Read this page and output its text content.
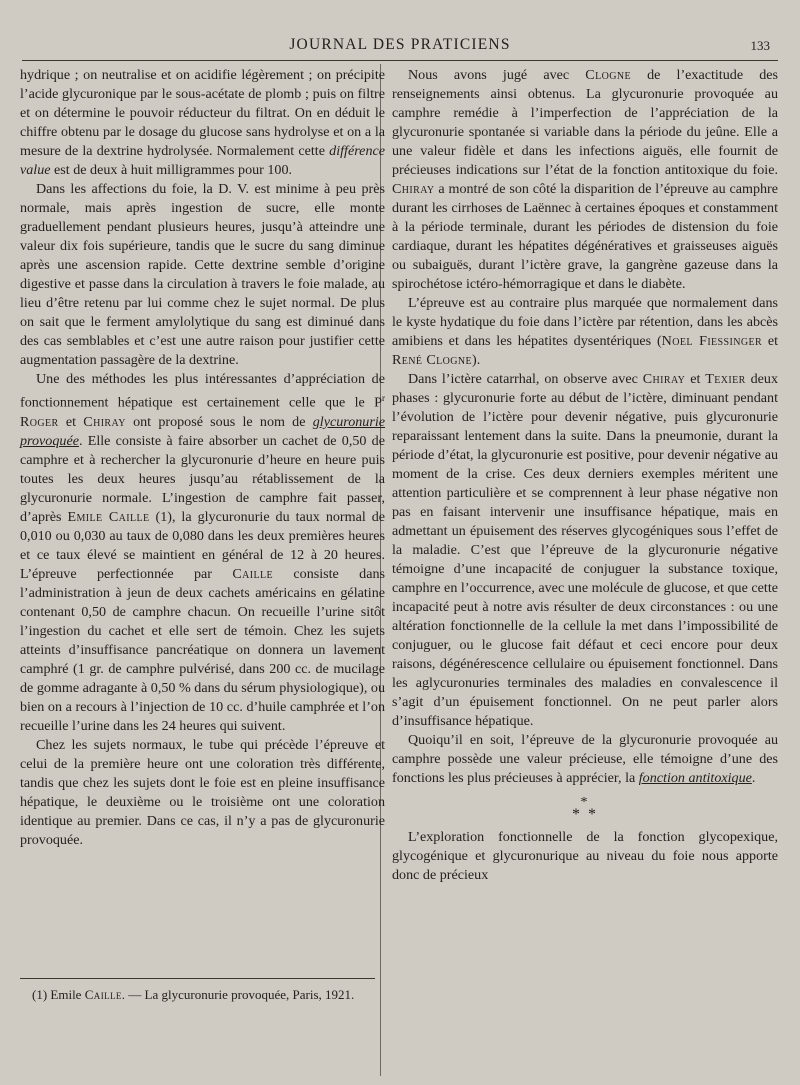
JOURNAL DES PRATICIENS	133

hydrique ; on neutralise et on acidifie légèrement ; on précipite l’acide glycuronique par le sous-acétate de plomb ; puis on filtre et on détermine le pouvoir réducteur du filtrat. On en déduit le chiffre obtenu par le dosage du glucose sans hydrolyse et on a la mesure de la dextrine hydrolysée. Normalement cette différence value est de deux à huit milligrammes pour 100.

Dans les affections du foie, la D. V. est minime à peu près normale, mais après ingestion de sucre, elle monte graduellement pendant plusieurs heures, jusqu’à atteindre une valeur dix fois supérieure, tandis que le sucre du sang diminue après une ascension rapide. Cette dextrine semble d’origine digestive et passe dans la circulation à travers le foie malade, au lieu d’être retenu par lui comme chez le sujet normal. De plus on sait que le ferment amylolytique du sang est diminué dans des cas semblables et c’est une autre raison pour justifier cette augmentation passagère de la dextrine.

Une des méthodes les plus intéressantes d’appréciation de fonctionnement hépatique est certainement celle que le $P^r$ Roger et Chiray ont proposé sous le nom de glycuronurie provoquée. Elle consiste à faire absorber un cachet de 0,50 de camphre et à rechercher la glycuronurie d’heure en heure puis toutes les deux heures jusqu’au rétablissement de la glycuronurie normale. L’ingestion de camphre fait passer, d’après Emile Caille (1), la glycuronurie du taux normal de 0,010 ou 0,030 au taux de 0,080 dans les deux premières heures et ce taux élevé se maintient en général de 12 à 20 heures. L’épreuve perfectionnée par Caille consiste dans l’administration à jeun de deux cachets américains en gélatine contenant 0,50 de camphre chacun. On recueille l’urine sitôt l’ingestion du cachet et elle sert de témoin. Chez les sujets atteints d’insuffisance pancréatique on donnera un lavement camphré (1 gr. de camphre pulvérisé, dans 200 cc. de mucilage de gomme adragante à 0,50 % dans du sérum physiologique), ou bien on a recours à l’injection de 10 cc. d’huile camphrée et l’on recueille l’urine dans les 24 heures qui suivent.

Chez les sujets normaux, le tube qui précède l’épreuve et celui de la première heure ont une coloration très différente, tandis que chez les sujets dont le foie est en pleine insuffisance hépatique, le deuxième ou le troisième ont une coloration identique au premier. Dans ce cas, il n’y a pas de glycuronurie provoquée.

(1) Emile Caille. — La glycuronurie provoquée, Paris, 1921.

Nous avons jugé avec Clogne de l’exactitude des renseignements ainsi obtenus. La glycuronurie provoquée au camphre remédie à l’imperfection de l’appréciation de la glycuronurie spontanée si variable dans la période du jeûne. Elle a une valeur fidèle et dans les infections aiguës, elle fournit de précieuses indications sur l’état de la fonction antitoxique du foie. Chiray a montré de son côté la disparition de l’épreuve au camphre durant les cirrhoses de Laënnec à certaines époques et constamment à la période terminale, durant les périodes de distension du foie cardiaque, durant les hépatites dégénératives et graisseuses aiguës ou subaiguës, durant l’ictère grave, la gangrène gazeuse dans la spirochétose ictéro-hémorragique et dans le diabète.

L’épreuve est au contraire plus marquée que normalement dans le kyste hydatique du foie dans l’ictère par rétention, dans les abcès amibiens et dans les hépatites dysentériques (Noel Fiessinger et René Clogne).

Dans l’ictère catarrhal, on observe avec Chiray et Texier deux phases : glycuronurie forte au début de l’ictère, diminuant pendant l’évolution de l’ictère pour devenir négative, puis glycuronurie reparaissant lentement dans la suite. Dans la pneumonie, durant la période d’état, la glycuronurie est positive, pour devenir négative au moment de la crise. Ces deux derniers exemples méritent une attention particulière et se comprennent à leur phase négative non pas en faisant intervenir une insuffisance hépatique, mais en admettant un épuisement des réserves glycogéniques sous l’effet de la maladie. C’est que l’épreuve de la glycuronurie négative témoigne d’une incapacité de conjuguer la substance toxique, camphre en l’occurrence, avec une molécule de glucose, et que cette incapacité peut à notre avis résulter de deux circonstances : ou une altération fonctionnelle de la cellule la met dans l’impossibilité de conjuguer, ou le glucose fait défaut et ceci encore pour deux raisons, dégénérescence cellulaire ou épuisement fonctionnel. Dans les aglycuronuries terminales des maladies en convalescence il s’agit d’un épuisement fonctionnel. On ne peut parler alors d’insuffisance hépatique.

Quoiqu’il en soit, l’épreuve de la glycuronurie provoquée au camphre possède une valeur précieuse, elle témoigne d’une des fonctions les plus précieuses à apprécier, la fonction antitoxique.

*
* *

L’exploration fonctionnelle de la fonction glycopexique, glycogénique et glycuronurique au niveau du foie nous apporte donc de précieux
